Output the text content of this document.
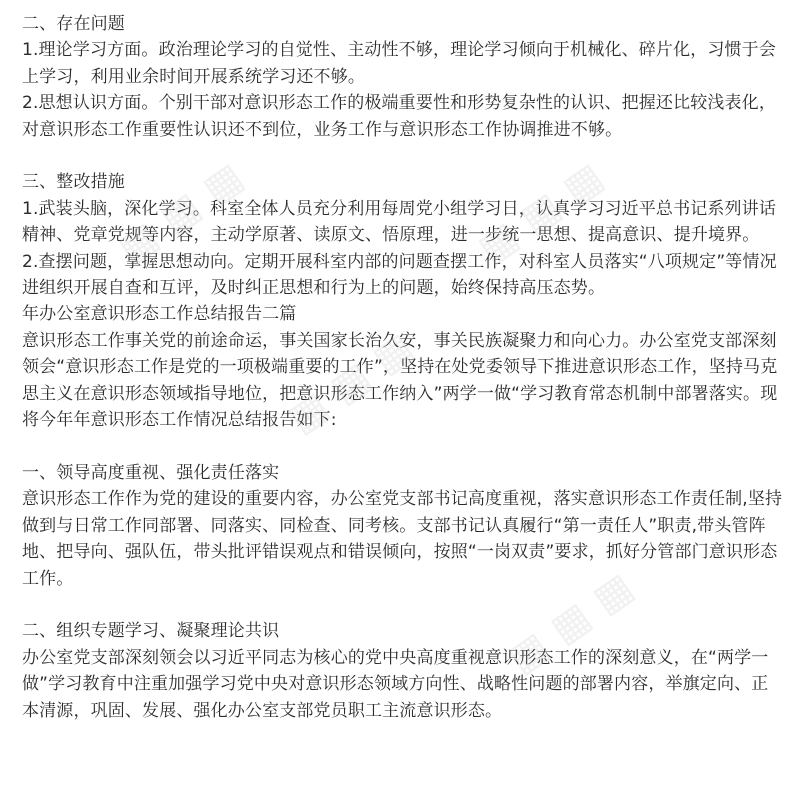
二、存在问题

1.理论学习方面。政治理论学习的自觉性、主动性不够，理论学习倾向于机械化、碎片化，习惯于会上学习，利用业余时间开展系统学习还不够。

2.思想认识方面。个别干部对意识形态工作的极端重要性和形势复杂性的认识、把握还比较浅表化，对意识形态工作重要性认识还不到位，业务工作与意识形态工作协调推进不够。

三、整改措施

1.武装头脑，深化学习。科室全体人员充分利用每周党小组学习日，认真学习习近平总书记系列讲话精神、党章党规等内容，主动学原著、读原文、悟原理，进一步统一思想、提高意识、提升境界。

2.查摆问题，掌握思想动向。定期开展科室内部的问题查摆工作，对科室人员落实“八项规定”等情况进组织开展自查和互评，及时纠正思想和行为上的问题，始终保持高压态势。

年办公室意识形态工作总结报告二篇

意识形态工作事关党的前途命运，事关国家长治久安，事关民族凝聚力和向心力。办公室党支部深刻领会“意识形态工作是党的一项极端重要的工作”，坚持在处党委领导下推进意识形态工作，坚持马克思主义在意识形态领域指导地位，把意识形态工作纳入”两学一做“学习教育常态机制中部署落实。现将今年年意识形态工作情况总结报告如下:

一、领导高度重视、强化责任落实

意识形态工作作为党的建设的重要内容，办公室党支部书记高度重视，落实意识形态工作责任制,坚持做到与日常工作同部署、同落实、同检查、同考核。支部书记认真履行“第一责任人”职责,带头管阵地、把导向、强队伍，带头批评错误观点和错误倾向，按照“一岗双责”要求，抓好分管部门意识形态工作。

二、组织专题学习、凝聚理论共识

办公室党支部深刻领会以习近平同志为核心的党中央高度重视意识形态工作的深刻意义，在“两学一做”学习教育中注重加强学习党中央对意识形态领域方向性、战略性问题的部署内容，举旗定向、正本清源，巩固、发展、强化办公室支部党员职工主流意识形态。

▦ ▦ ▦	▦ ▦ ▦
▦ ▦ ▦
▦ ▦ ▦
